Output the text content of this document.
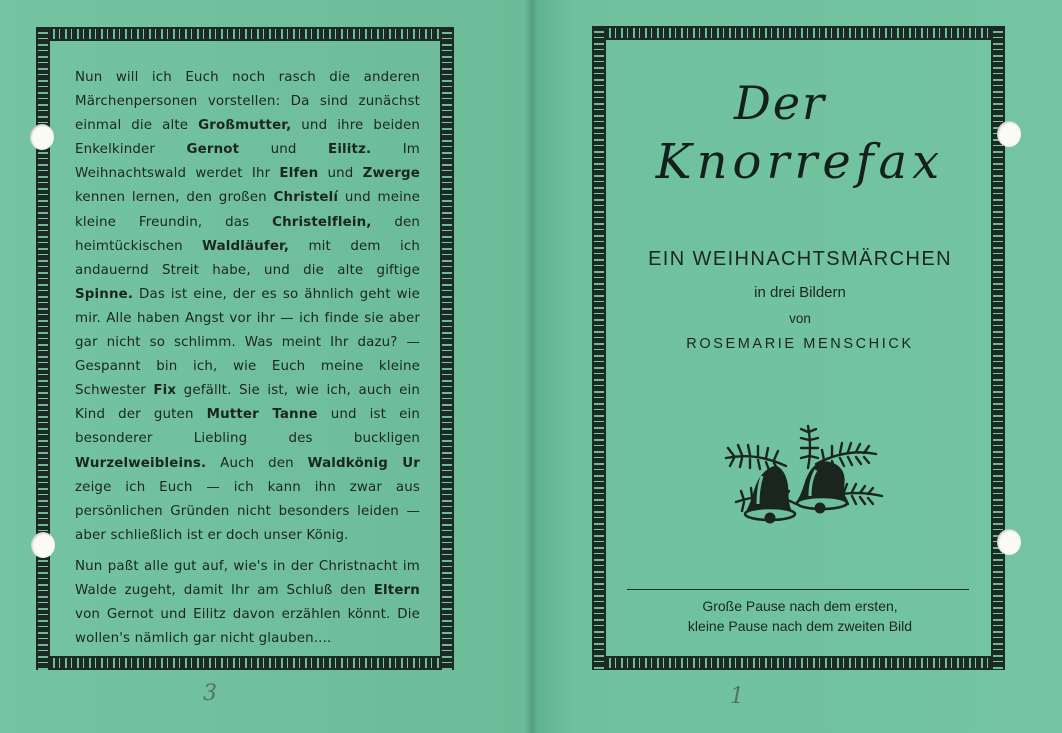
Nun will ich Euch noch rasch die anderen Märchenpersonen vorstellen: Da sind zunächst einmal die alte Großmutter, und ihre beiden Enkelkinder Gernot und Eilitz. Im Weihnachtswald werdet Ihr Elfen und Zwerge kennen lernen, den großen Christelí und meine kleine Freundin, das Christelflein, den heimtückischen Waldläufer, mit dem ich andauernd Streit habe, und die alte giftige Spinne. Das ist eine, der es so ähnlich geht wie mir. Alle haben Angst vor ihr — ich finde sie aber gar nicht so schlimm. Was meint Ihr dazu? — Gespannt bin ich, wie Euch meine kleine Schwester Fix gefällt. Sie ist, wie ich, auch ein Kind der guten Mutter Tanne und ist ein besonderer Liebling des buckligen Wurzelweibleins. Auch den Waldkönig Ur zeige ich Euch — ich kann ihn zwar aus persönlichen Gründen nicht besonders leiden — aber schließlich ist er doch unser König.

Nun paßt alle gut auf, wie's in der Christnacht im Walde zugeht, damit Ihr am Schluß den Eltern von Gernot und Eilitz davon erzählen könnt. Die wollen's nämlich gar nicht glauben....

Der
Knorrefax
EIN WEIHNACHTSMÄRCHEN
in drei Bildern
von
ROSEMARIE MENSCHICK
Große Pause nach dem ersten,
kleine Pause nach dem zweiten Bild
3	1
